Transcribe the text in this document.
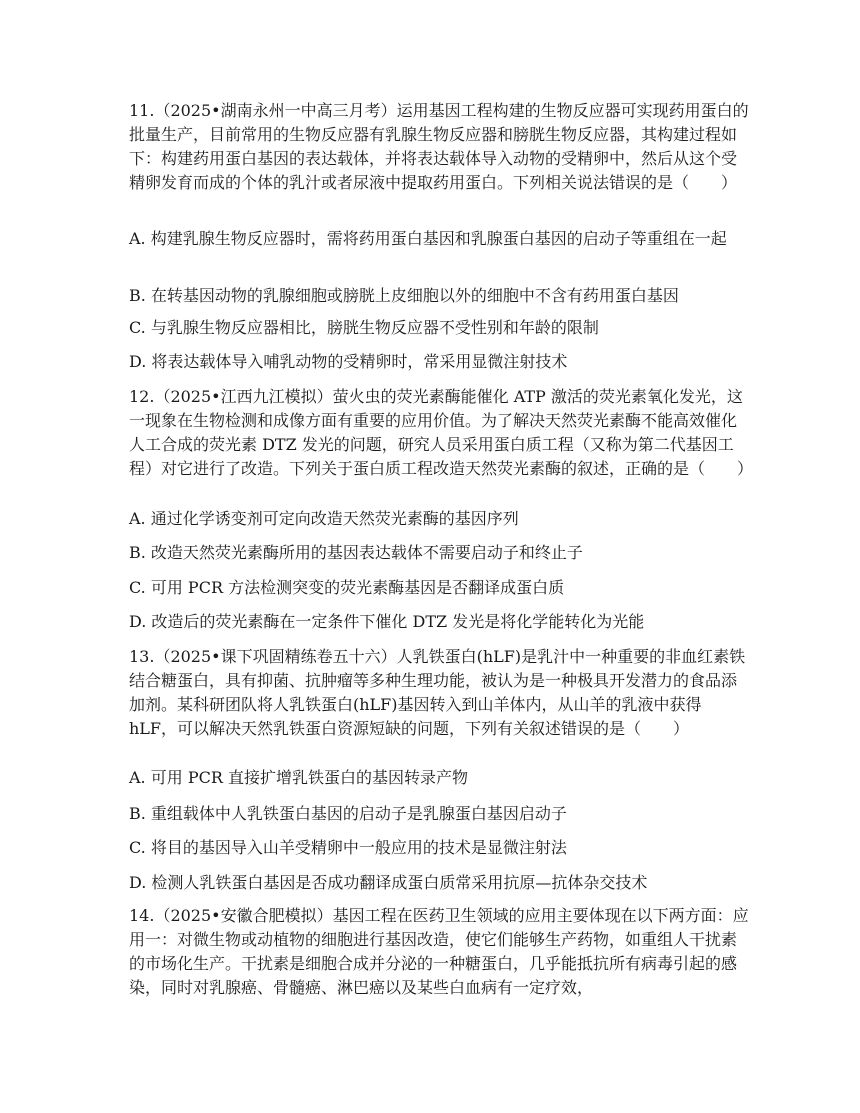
11.（2025•湖南永州一中高三月考）运用基因工程构建的生物反应器可实现药用蛋白的批量生产，目前常用的生物反应器有乳腺生物反应器和膀胱生物反应器，其构建过程如下：构建药用蛋白基因的表达载体，并将表达载体导入动物的受精卵中，然后从这个受精卵发育而成的个体的乳汁或者尿液中提取药用蛋白。下列相关说法错误的是（　　）

A. 构建乳腺生物反应器时，需将药用蛋白基因和乳腺蛋白基因的启动子等重组在一起

B. 在转基因动物的乳腺细胞或膀胱上皮细胞以外的细胞中不含有药用蛋白基因

C. 与乳腺生物反应器相比，膀胱生物反应器不受性别和年龄的限制

D. 将表达载体导入哺乳动物的受精卵时，常采用显微注射技术

12.（2025•江西九江模拟）萤火虫的荧光素酶能催化 ATP 激活的荧光素氧化发光，这一现象在生物检测和成像方面有重要的应用价值。为了解决天然荧光素酶不能高效催化人工合成的荧光素 DTZ 发光的问题，研究人员采用蛋白质工程（又称为第二代基因工程）对它进行了改造。下列关于蛋白质工程改造天然荧光素酶的叙述，正确的是（　　）

A. 通过化学诱变剂可定向改造天然荧光素酶的基因序列

B. 改造天然荧光素酶所用的基因表达载体不需要启动子和终止子

C. 可用 PCR 方法检测突变的荧光素酶基因是否翻译成蛋白质

D. 改造后的荧光素酶在一定条件下催化 DTZ 发光是将化学能转化为光能

13.（2025•课下巩固精练卷五十六）人乳铁蛋白(hLF)是乳汁中一种重要的非血红素铁结合糖蛋白，具有抑菌、抗肿瘤等多种生理功能，被认为是一种极具开发潜力的食品添加剂。某科研团队将人乳铁蛋白(hLF)基因转入到山羊体内，从山羊的乳液中获得 hLF，可以解决天然乳铁蛋白资源短缺的问题，下列有关叙述错误的是（　　）

A. 可用 PCR 直接扩增乳铁蛋白的基因转录产物

B. 重组载体中人乳铁蛋白基因的启动子是乳腺蛋白基因启动子

C. 将目的基因导入山羊受精卵中一般应用的技术是显微注射法

D. 检测人乳铁蛋白基因是否成功翻译成蛋白质常采用抗原—抗体杂交技术

14.（2025•安徽合肥模拟）基因工程在医药卫生领域的应用主要体现在以下两方面：应用一：对微生物或动植物的细胞进行基因改造，使它们能够生产药物，如重组人干扰素的市场化生产。干扰素是细胞合成并分泌的一种糖蛋白，几乎能抵抗所有病毒引起的感染，同时对乳腺癌、骨髓癌、淋巴癌以及某些白血病有一定疗效，
